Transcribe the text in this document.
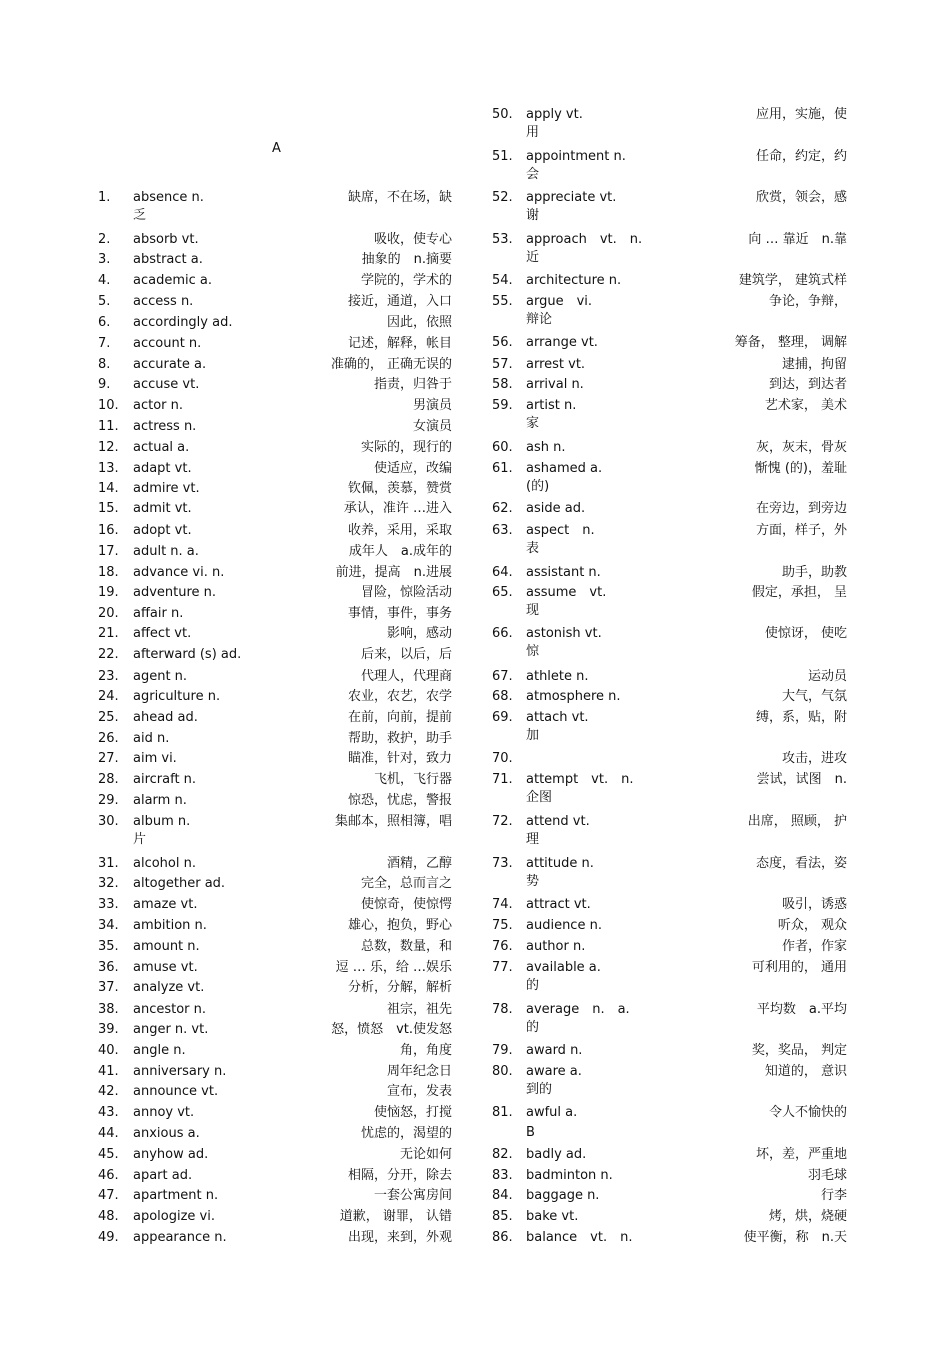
A
1. absence n.	缺席，不在场，缺
乏
2. absorb vt.	吸收，使专心
3. abstract a.	抽象的　n.摘要
4. academic a.	学院的，学术的
5. access n.	接近，通道，入口
6. accordingly ad.	因此，依照
7. account n.	记述，解释，帐目
8. accurate a.	准确的， 正确无误的
9. accuse vt.	指责，归咎于
10. actor n.	男演员
11. actress n.	女演员
12. actual a.	实际的，现行的
13. adapt vt.	使适应，改编
14. admire vt.	钦佩，羡慕，赞赏
15. admit vt.	承认，准许 …进入
16. adopt vt.	收养，采用，采取
17. adult n. a.	成年人　a.成年的
18. advance vi. n.	前进，提高　n.进展
19. adventure n.	冒险，惊险活动
20. affair n.	事情，事件，事务
21. affect vt.	影响，感动
22. afterward (s) ad.	后来，以后，后
23. agent n.	代理人，代理商
24. agriculture n.	农业，农艺，农学
25. ahead ad.	在前，向前，提前
26. aid n.	帮助，救护，助手
27. aim vi.	瞄准，针对，致力
28. aircraft n.	飞机，飞行器
29. alarm n.	惊恐，忧虑，警报
30. album n.	集邮本，照相簿，唱
片
31. alcohol n.	酒精，乙醇
32. altogether ad.	完全，总而言之
33. amaze vt.	使惊奇，使惊愕
34. ambition n.	雄心，抱负，野心
35. amount n.	总数，数量，和
36. amuse vt.	逗 … 乐，给 …娱乐
37. analyze vt.	分析，分解，解析
38. ancestor n.	祖宗，祖先
39. anger n. vt.	怒，愤怒　vt.使发怒
40. angle n.	角，角度
41. anniversary n.	周年纪念日
42. announce vt.	宣布，发表
43. annoy vt.	使恼怒，打搅
44. anxious a.	忧虑的，渴望的
45. anyhow ad.	无论如何
46. apart ad.	相隔，分开，除去
47. apartment n.	一套公寓房间
48. apologize vi.	道歉， 谢罪， 认错
49. appearance n.	出现，来到，外观
50. apply vt.	应用，实施，使
用
51. appointment n.	任命，约定，约
会
52. appreciate vt.	欣赏，领会，感
谢
53. approach　vt.　n.	向 … 靠近　n.靠
近
54. architecture n.	建筑学， 建筑式样
55. argue　vi.	争论，争辩，
辩论
56. arrange vt.	筹备， 整理， 调解
57. arrest vt.	逮捕，拘留
58. arrival n.	到达，到达者
59. artist n.	艺术家， 美术
家
60. ash n.	灰，灰末，骨灰
61. ashamed a.	惭愧 (的)，羞耻
(的)
62. aside ad.	在旁边，到旁边
63. aspect　n.	方面，样子，外
表
64. assistant n.	助手，助教
65. assume　vt.	假定，承担， 呈
现
66. astonish vt.	使惊讶， 使吃
惊
67. athlete n.	运动员
68. atmosphere n.	大气，气氛
69. attach vt.	缚，系，贴，附
加
70.	攻击，进攻
71. attempt　vt.　n.	尝试，试图　n.
企图
72. attend vt.	出席， 照顾， 护
理
73. attitude n.	态度，看法，姿
势
74. attract vt.	吸引，诱惑
75. audience n.	听众， 观众
76. author n.	作者，作家
77. available a.	可利用的， 通用
的
78. average　n.　a.	平均数　a.平均
的
79. award n.	奖，奖品， 判定
80. aware a.	知道的， 意识
到的
81. awful a.	令人不愉快的
82. badly ad.	坏，差，严重地
83. badminton n.	羽毛球
84. baggage n.	行李
85. bake vt.	烤，烘，烧硬
86. balance　vt.　n.	使平衡，称　n.天
B
